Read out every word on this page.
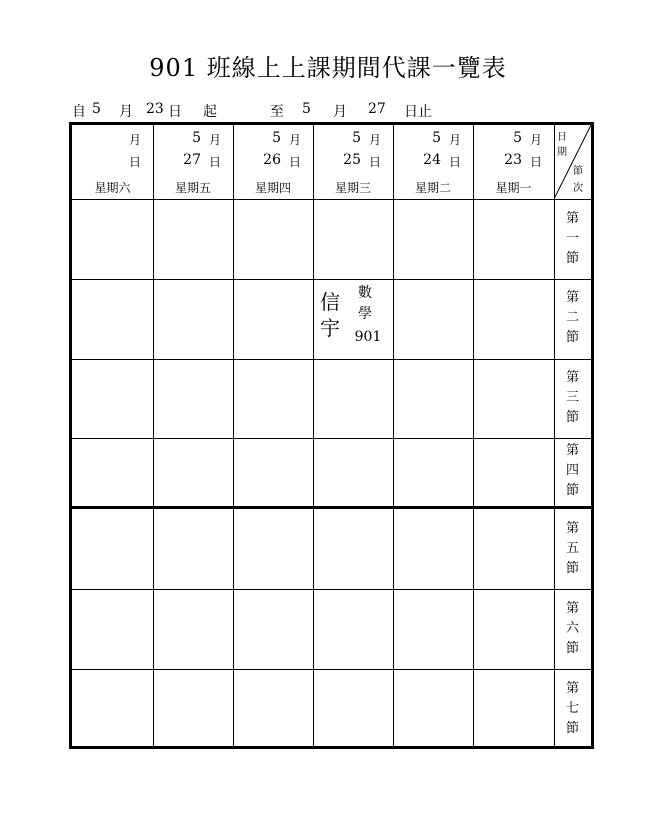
901 班線上上課期間代課一覽表
自 5 月 23 日 起	至 5 月 27 日止
月
日
星期六
5 月
27 日
星期五
5 月
26 日
星期四
5 月
25 日
星期三
5 月
24 日
星期二
5 月
23 日
星期一
日
期
節
次
第一節
第二節
第三節
第四節
第五節
第六節
第七節
信宇
數學
901
